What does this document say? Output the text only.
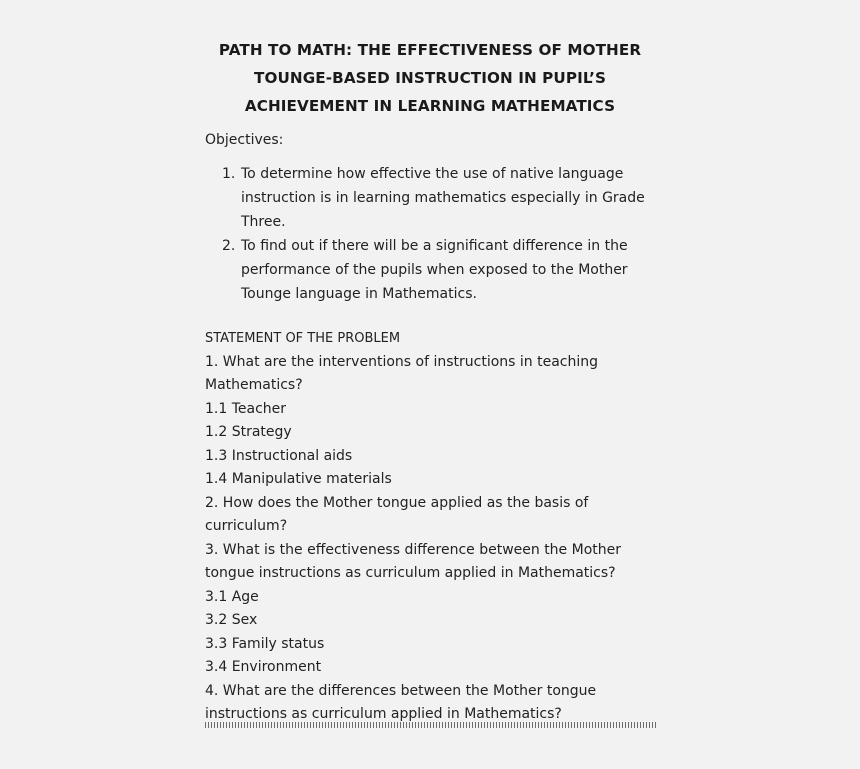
PATH TO MATH: THE EFFECTIVENESS OF MOTHER
TOUNGE-BASED INSTRUCTION IN PUPIL’S
ACHIEVEMENT IN LEARNING MATHEMATICS
Objectives:
1. To determine how effective the use of native language
instruction is in learning mathematics especially in Grade
Three.
2. To find out if there will be a significant difference in the
performance of the pupils when exposed to the Mother
Tounge language in Mathematics.
STATEMENT OF THE PROBLEM
1. What are the interventions of instructions in teaching
Mathematics?
1.1 Teacher
1.2 Strategy
1.3 Instructional aids
1.4 Manipulative materials
2. How does the Mother tongue applied as the basis of
curriculum?
3. What is the effectiveness difference between the Mother
tongue instructions as curriculum applied in Mathematics?
3.1 Age
3.2 Sex
3.3 Family status
3.4 Environment
4. What are the differences between the Mother tongue
instructions as curriculum applied in Mathematics?
